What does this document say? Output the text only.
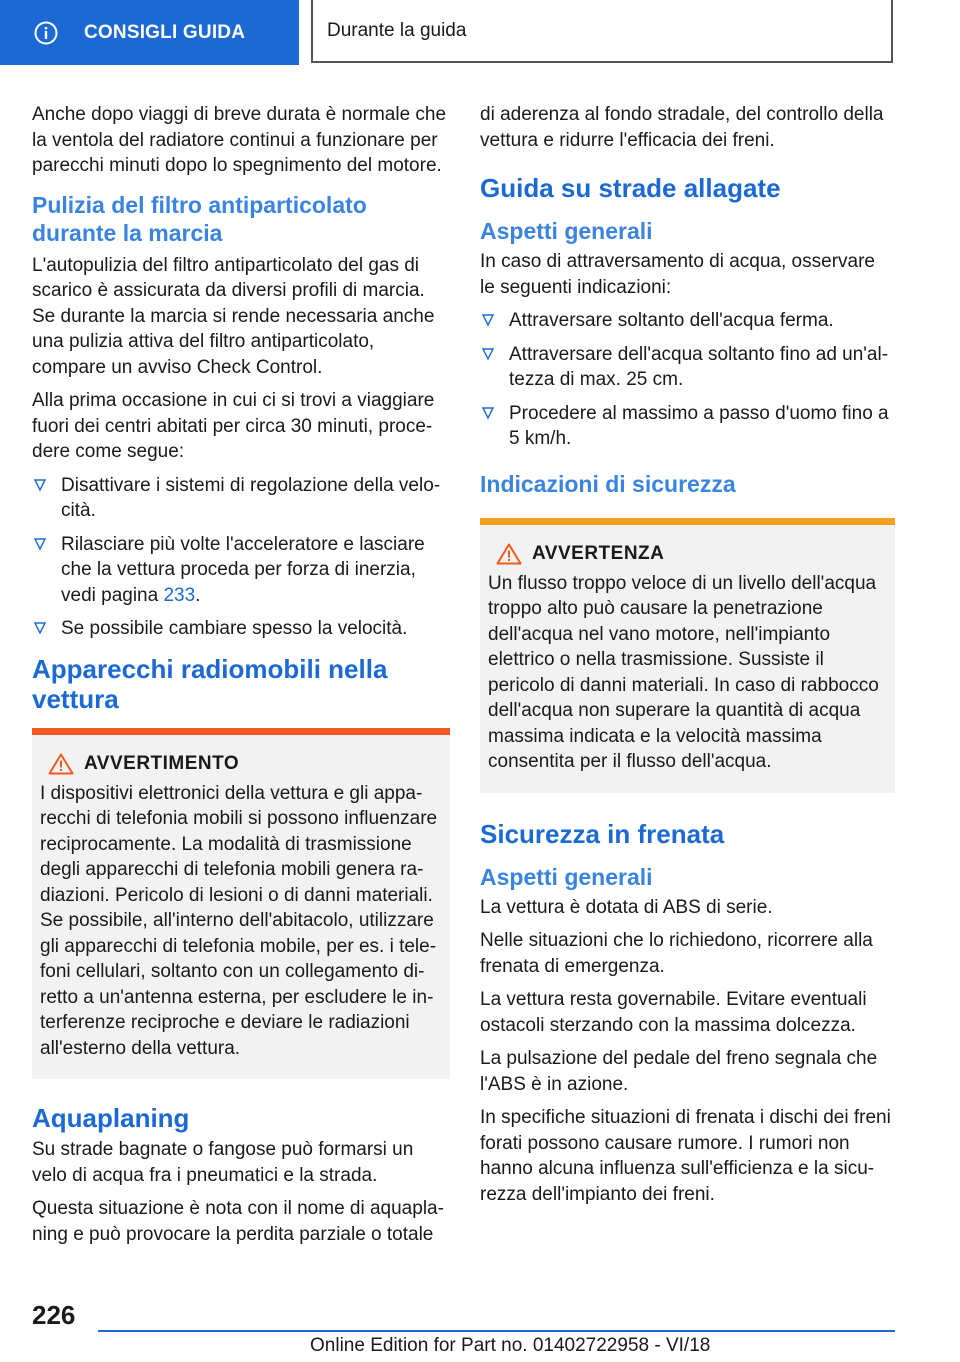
CONSIGLI GUIDA	Durante la guida

Anche dopo viaggi di breve durata è normale che la ventola del radiatore continui a funzionare per parecchi minuti dopo lo spegnimento del motore.

Pulizia del filtro antiparticolato durante la marcia

L'autopulizia del filtro antiparticolato del gas di scarico è assicurata da diversi profili di marcia. Se durante la marcia si rende necessaria anche una pulizia attiva del filtro antiparticolato, compare un avviso Check Control.

Alla prima occasione in cui ci si trovi a viaggiare fuori dei centri abitati per circa 30 minuti, procedere come segue:

Disattivare i sistemi di regolazione della velocità.
Rilasciare più volte l'acceleratore e lasciare che la vettura proceda per forza di inerzia, vedi pagina 233.
Se possibile cambiare spesso la velocità.
Apparecchi radiomobili nella vettura
AVVERTIMENTO

I dispositivi elettronici della vettura e gli apparecchi di telefonia mobili si possono influenzare reciprocamente. La modalità di trasmissione degli apparecchi di telefonia mobili genera radiazioni. Pericolo di lesioni o di danni materiali. Se possibile, all'interno dell'abitacolo, utilizzare gli apparecchi di telefonia mobile, per es. i telefoni cellulari, soltanto con un collegamento diretto a un'antenna esterna, per escludere le interferenze reciproche e deviare le radiazioni all'esterno della vettura.

Aquaplaning

Su strade bagnate o fangose può formarsi un velo di acqua fra i pneumatici e la strada.

Questa situazione è nota con il nome di aquaplaning e può provocare la perdita parziale o totale

di aderenza al fondo stradale, del controllo della vettura e ridurre l'efficacia dei freni.

Guida su strade allagate
Aspetti generali

In caso di attraversamento di acqua, osservare le seguenti indicazioni:

Attraversare soltanto dell'acqua ferma.
Attraversare dell'acqua soltanto fino ad un'altezza di max. 25 cm.
Procedere al massimo a passo d'uomo fino a 5 km/h.
Indicazioni di sicurezza
AVVERTENZA

Un flusso troppo veloce di un livello dell'acqua troppo alto può causare la penetrazione dell'acqua nel vano motore, nell'impianto elettrico o nella trasmissione. Sussiste il pericolo di danni materiali. In caso di rabbocco dell'acqua non superare la quantità di acqua massima indicata e la velocità massima consentita per il flusso dell'acqua.

Sicurezza in frenata
Aspetti generali

La vettura è dotata di ABS di serie.

Nelle situazioni che lo richiedono, ricorrere alla frenata di emergenza.

La vettura resta governabile. Evitare eventuali ostacoli sterzando con la massima dolcezza.

La pulsazione del pedale del freno segnala che l'ABS è in azione.

In specifiche situazioni di frenata i dischi dei freni forati possono causare rumore. I rumori non hanno alcuna influenza sull'efficienza e la sicurezza dell'impianto dei freni.

226
Online Edition for Part no. 01402722958 - VI/18
